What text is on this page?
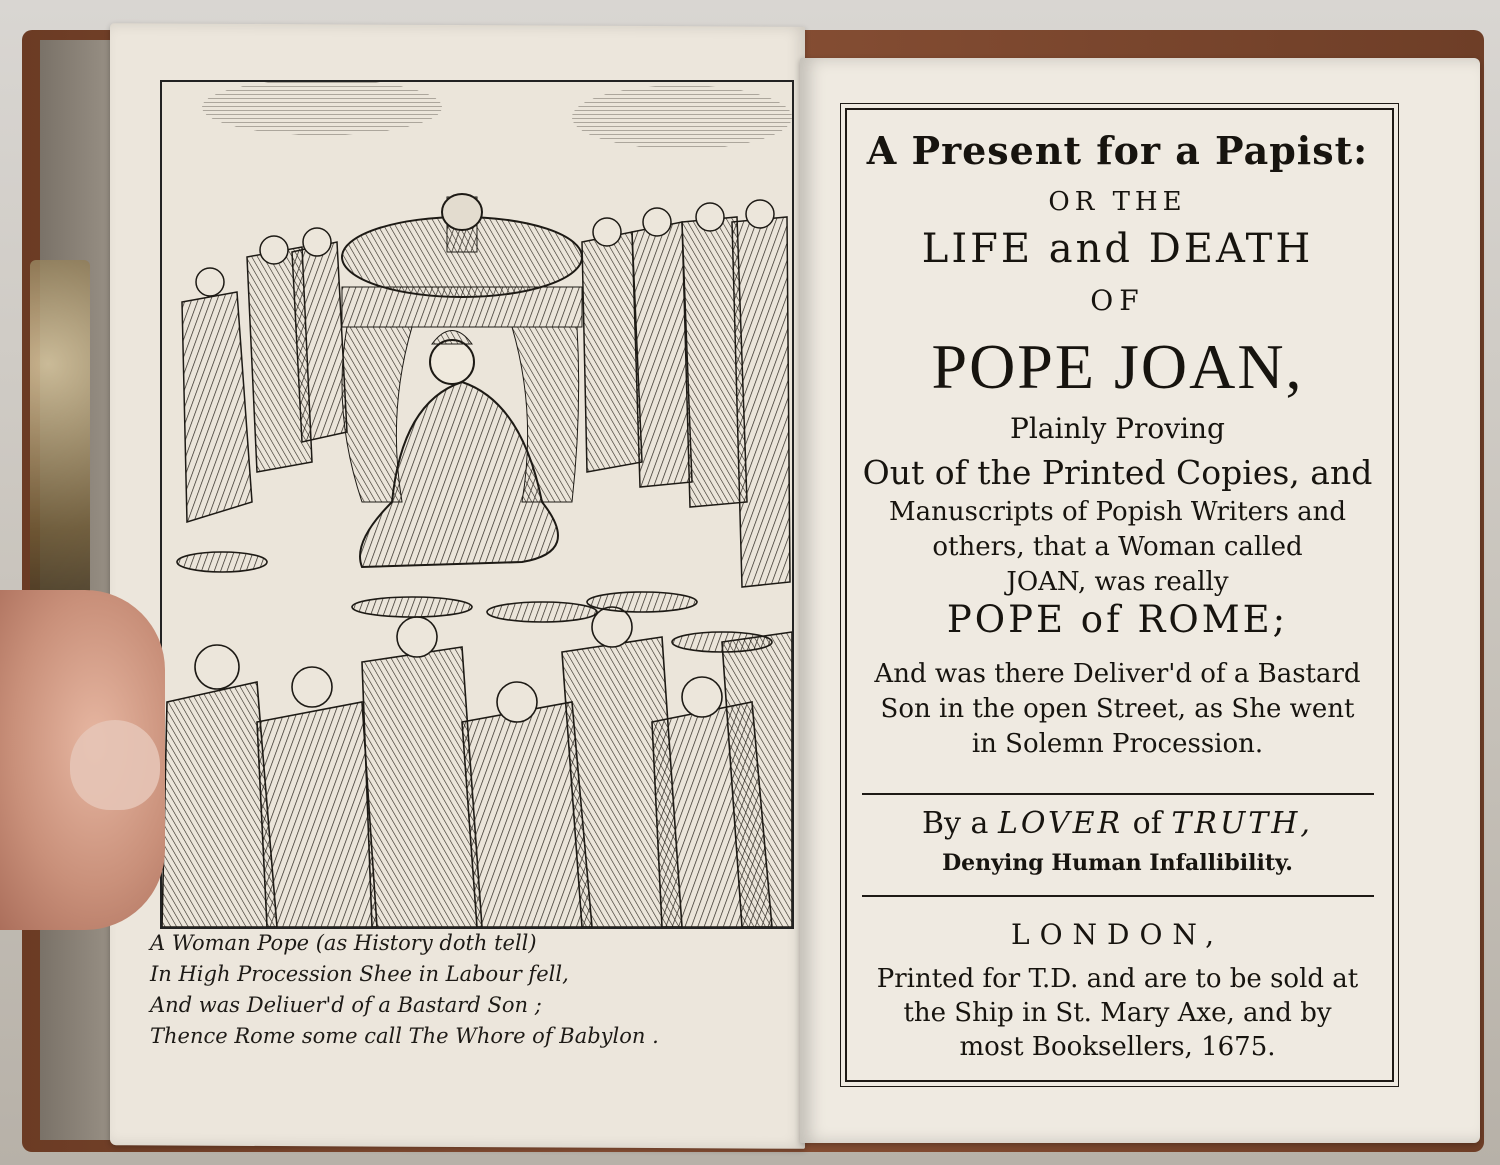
A Woman Pope (as History doth tell)
In High Procession Shee in Labour fell,
And was Deliuer'd of a Bastard Son ;
Thence Rome some call The Whore of Babylon .
A Present for a Papist:
OR THE
LIFE and DEATH
OF
POPE JOAN,
Plainly Proving
Out of the Printed Copies, and
Manuscripts of Popish Writers and
others, that a Woman called
JOAN, was really
POPE of ROME;
And was there Deliver'd of a Bastard
Son in the open Street, as She went
in Solemn Procession.
By a LOVER of TRUTH,
Denying Human Infallibility.
LONDON,
Printed for T.D. and are to be sold at
the Ship in St. Mary Axe, and by
most Booksellers, 1675.
